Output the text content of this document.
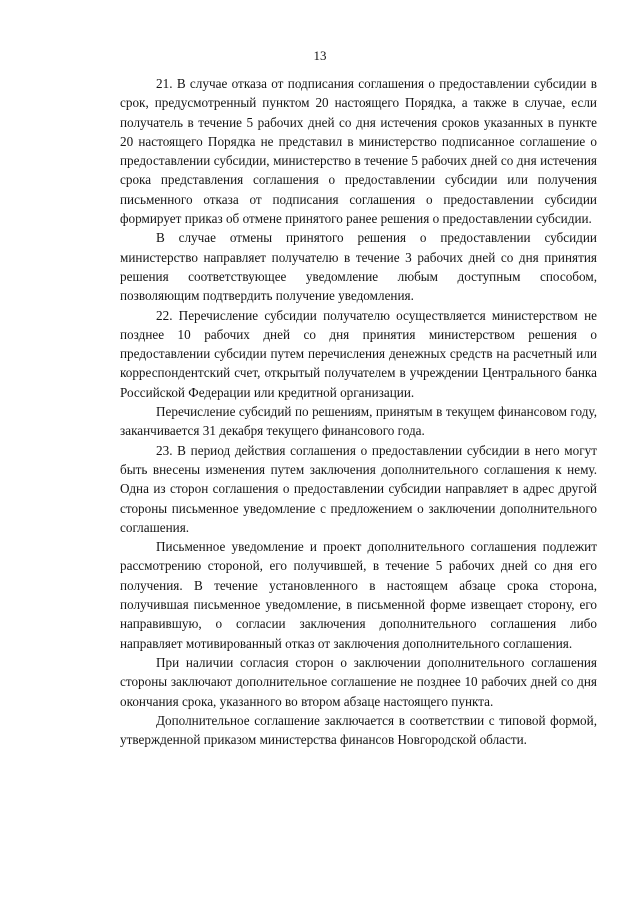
13

21. В случае отказа от подписания соглашения о предоставлении субсидии в срок, предусмотренный пунктом 20 настоящего Порядка, а также в случае, если получатель в течение 5 рабочих дней со дня истечения сроков указанных в пункте 20 настоящего Порядка не представил в министерство подписанное соглашение о предоставлении субсидии, министерство в течение 5 рабочих дней со дня истечения срока представления соглашения о предоставлении субсидии или получения письменного отказа от подписания соглашения о предоставлении субсидии формирует приказ об отмене принятого ранее решения о предоставлении субсидии.

В случае отмены принятого решения о предоставлении субсидии министерство направляет получателю в течение 3 рабочих дней со дня принятия решения соответствующее уведомление любым доступным способом, позволяющим подтвердить получение уведомления.

22. Перечисление субсидии получателю осуществляется министерством не позднее 10 рабочих дней со дня принятия министерством решения о предоставлении субсидии путем перечисления денежных средств на расчетный или корреспондентский счет, открытый получателем в учреждении Центрального банка Российской Федерации или кредитной организации.

Перечисление субсидий по решениям, принятым в текущем финансовом году, заканчивается 31 декабря текущего финансового года.

23. В период действия соглашения о предоставлении субсидии в него могут быть внесены изменения путем заключения дополнительного соглашения к нему. Одна из сторон соглашения о предоставлении субсидии направляет в адрес другой стороны письменное уведомление с предложением о заключении дополнительного соглашения.

Письменное уведомление и проект дополнительного соглашения подлежит рассмотрению стороной, его получившей, в течение 5 рабочих дней со дня его получения. В течение установленного в настоящем абзаце срока сторона, получившая письменное уведомление, в письменной форме извещает сторону, его направившую, о согласии заключения дополнительного соглашения либо направляет мотивированный отказ от заключения дополнительного соглашения.

При наличии согласия сторон о заключении дополнительного соглашения стороны заключают дополнительное соглашение не позднее 10 рабочих дней со дня окончания срока, указанного во втором абзаце настоящего пункта.

Дополнительное соглашение заключается в соответствии с типовой формой, утвержденной приказом министерства финансов Новгородской области.
